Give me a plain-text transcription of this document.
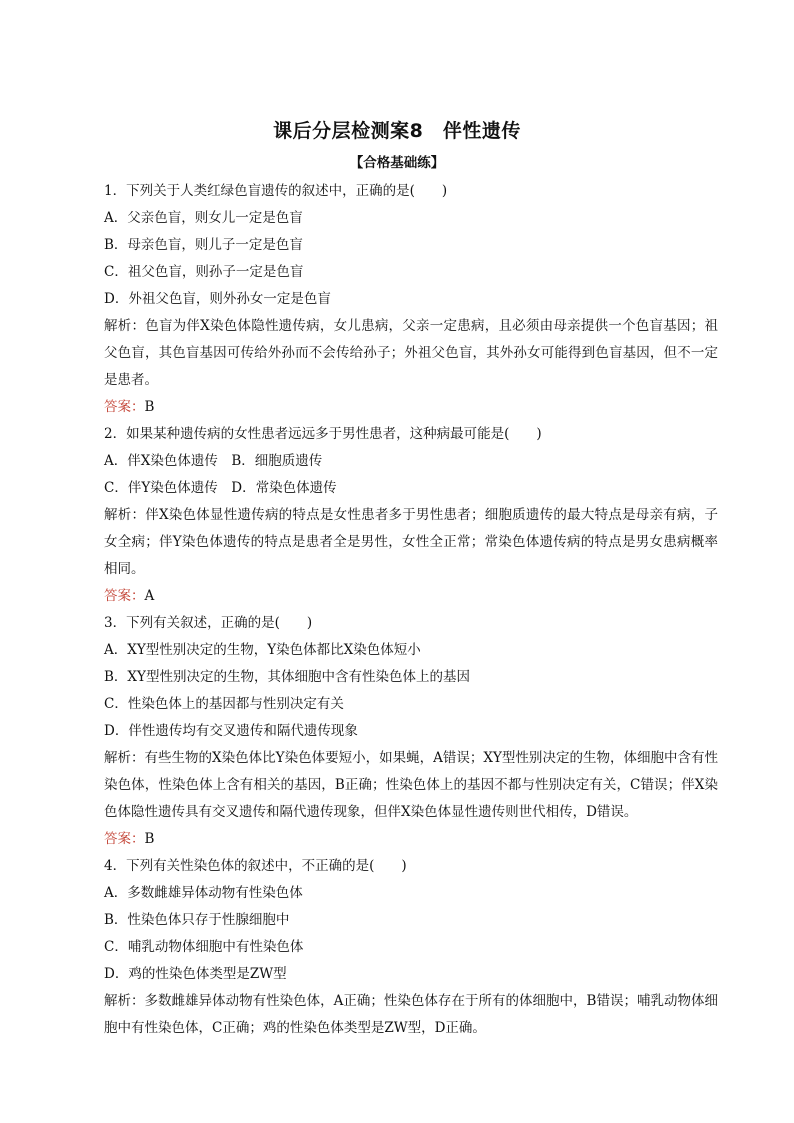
课后分层检测案8　伴性遗传
【合格基础练】

1．下列关于人类红绿色盲遗传的叙述中，正确的是(　　)

A．父亲色盲，则女儿一定是色盲

B．母亲色盲，则儿子一定是色盲

C．祖父色盲，则孙子一定是色盲

D．外祖父色盲，则外孙女一定是色盲

解析：色盲为伴X染色体隐性遗传病，女儿患病，父亲一定患病，且必须由母亲提供一个色盲基因；祖父色盲，其色盲基因可传给外孙而不会传给孙子；外祖父色盲，其外孙女可能得到色盲基因，但不一定是患者。

答案：B

2．如果某种遗传病的女性患者远远多于男性患者，这种病最可能是(　　)

A．伴X染色体遗传　B．细胞质遗传

C．伴Y染色体遗传　D．常染色体遗传

解析：伴X染色体显性遗传病的特点是女性患者多于男性患者；细胞质遗传的最大特点是母亲有病，子女全病；伴Y染色体遗传的特点是患者全是男性，女性全正常；常染色体遗传病的特点是男女患病概率相同。

答案：A

3．下列有关叙述，正确的是(　　)

A．XY型性别决定的生物，Y染色体都比X染色体短小

B．XY型性别决定的生物，其体细胞中含有性染色体上的基因

C．性染色体上的基因都与性别决定有关

D．伴性遗传均有交叉遗传和隔代遗传现象

解析：有些生物的X染色体比Y染色体要短小，如果蝇，A错误；XY型性别决定的生物，体细胞中含有性染色体，性染色体上含有相关的基因，B正确；性染色体上的基因不都与性别决定有关，C错误；伴X染色体隐性遗传具有交叉遗传和隔代遗传现象，但伴X染色体显性遗传则世代相传，D错误。

答案：B

4．下列有关性染色体的叙述中，不正确的是(　　)

A．多数雌雄异体动物有性染色体

B．性染色体只存于性腺细胞中

C．哺乳动物体细胞中有性染色体

D．鸡的性染色体类型是ZW型

解析：多数雌雄异体动物有性染色体，A正确；性染色体存在于所有的体细胞中，B错误；哺乳动物体细胞中有性染色体，C正确；鸡的性染色体类型是ZW型，D正确。
